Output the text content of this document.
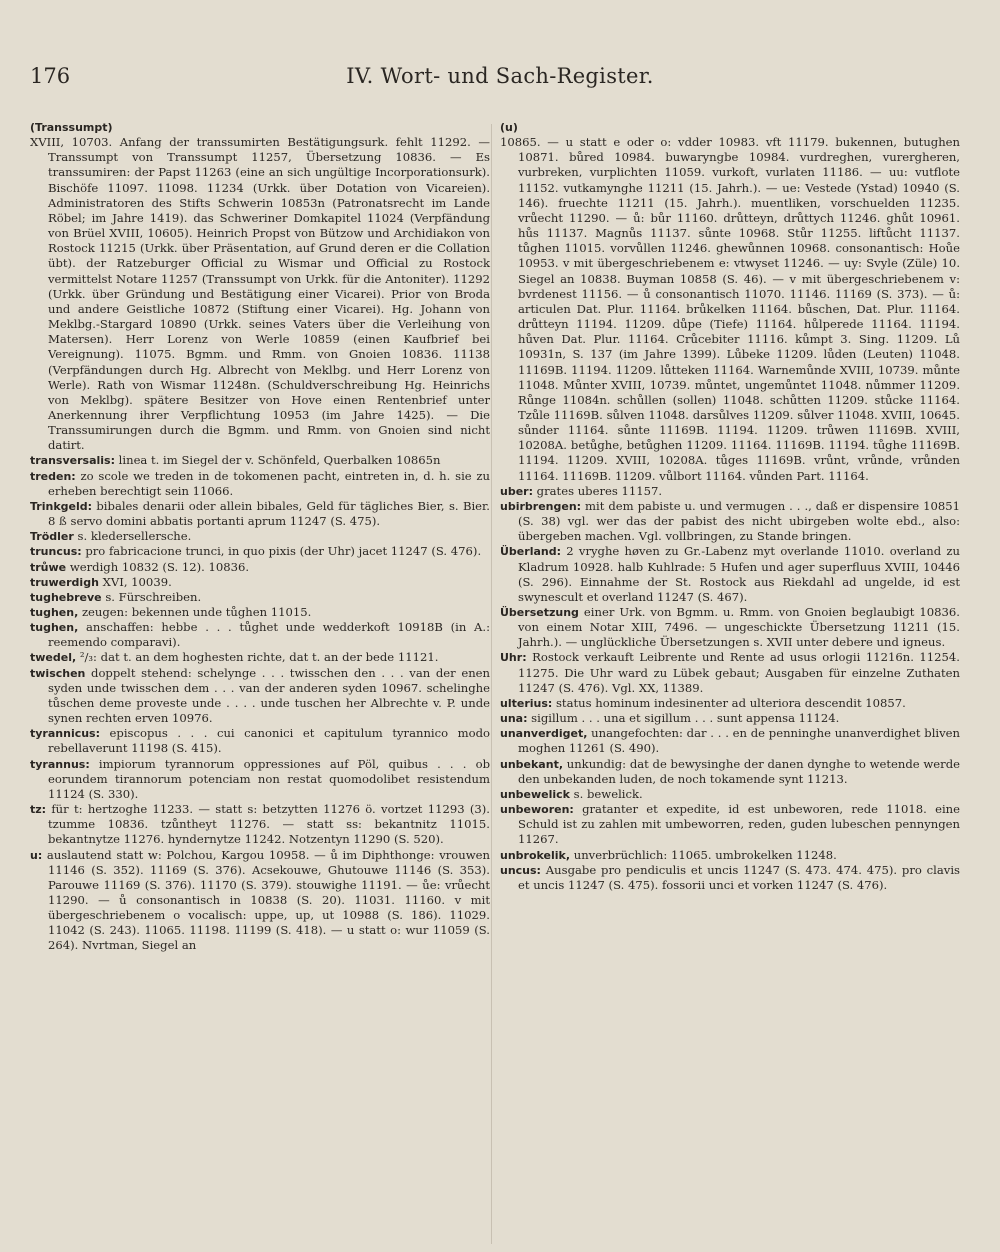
176	IV. Wort- und Sach-Register.

(Transsumpt)

XVIII, 10703. Anfang der transsumirten Bestätigungsurk. fehlt 11292. — Transsumpt von Transsumpt 11257, Übersetzung 10836. — Es transsumiren: der Papst 11263 (eine an sich ungültige Incorporationsurk). Bischöfe 11097. 11098. 11234 (Urkk. über Dotation von Vicareien). Administratoren des Stifts Schwerin 10853n (Patronatsrecht im Lande Röbel; im Jahre 1419). das Schweriner Domkapitel 11024 (Verpfändung von Brüel XVIII, 10605). Heinrich Propst von Bützow und Archidiakon von Rostock 11215 (Urkk. über Präsentation, auf Grund deren er die Collation übt). der Ratzeburger Official zu Wismar und Official zu Rostock vermittelst Notare 11257 (Transsumpt von Urkk. für die Antoniter). 11292 (Urkk. über Gründung und Bestätigung einer Vicarei). Prior von Broda und andere Geistliche 10872 (Stiftung einer Vicarei). Hg. Johann von Meklbg.-Stargard 10890 (Urkk. seines Vaters über die Verleihung von Matersen). Herr Lorenz von Werle 10859 (einen Kaufbrief bei Vereignung). 11075. Bgmm. und Rmm. von Gnoien 10836. 11138 (Verpfändungen durch Hg. Albrecht von Meklbg. und Herr Lorenz von Werle). Rath von Wismar 11248n. (Schuldverschreibung Hg. Heinrichs von Meklbg). spätere Besitzer von Hove einen Rentenbrief unter Anerkennung ihrer Verpflichtung 10953 (im Jahre 1425). — Die Transsumirungen durch die Bgmm. und Rmm. von Gnoien sind nicht datirt.

transversalis: linea t. im Siegel der v. Schönfeld, Querbalken 10865n

treden: zo scole we treden in de tokomenen pacht, eintreten in, d. h. sie zu erheben berechtigt sein 11066.

Trinkgeld: bibales denarii oder allein bibales, Geld für tägliches Bier, s. Bier. 8 ß servo domini abbatis portanti aprum 11247 (S. 475).

Trödler s. kledersellersche.

truncus: pro fabricacione trunci, in quo pixis (der Uhr) jacet 11247 (S. 476).

trůwe werdigh 10832 (S. 12). 10836.

truwerdigh XVI, 10039.

tughebreve s. Fürschreiben.

tughen, zeugen: bekennen unde tůghen 11015.

tughen, anschaffen: hebbe . . . tůghet unde wedderkoft 10918B (in A.: reemendo comparavi).

twedel, ²/₃: dat t. an dem hoghesten richte, dat t. an der bede 11121.

twischen doppelt stehend: schelynge . . . twisschen den . . . van der enen syden unde twisschen dem . . . van der anderen syden 10967. schelinghe tůschen deme proveste unde . . . . unde tuschen her Albrechte v. P. unde synen rechten erven 10976.

tyrannicus: episcopus . . . cui canonici et capitulum tyrannico modo rebellaverunt 11198 (S. 415).

tyrannus: impiorum tyrannorum oppressiones auf Pöl, quibus . . . ob eorundem tirannorum potenciam non restat quomodolibet resistendum 11124 (S. 330).

tz: für t: hertzoghe 11233. — statt s: betzytten 11276 ö. vortzet 11293 (3). tzumme 10836. tzůntheyt 11276. — statt ss: bekantnitz 11015. bekantnytze 11276. hyndernytze 11242. Notzentyn 11290 (S. 520).

u: auslautend statt w: Polchou, Kargou 10958. — ů im Diphthonge: vrouwen 11146 (S. 352). 11169 (S. 376). Acsekouwe, Ghutouwe 11146 (S. 353). Parouwe 11169 (S. 376). 11170 (S. 379). stouwighe 11191. — ůe: vrůecht 11290. — ů consonantisch in 10838 (S. 20). 11031. 11160. v mit übergeschriebenem o vocalisch: uppe, up, ut 10988 (S. 186). 11029. 11042 (S. 243). 11065. 11198. 11199 (S. 418). — u statt o: wur 11059 (S. 264). Nvrtman, Siegel an

(u)

10865. — u statt e oder o: vdder 10983. vft 11179. bukennen, butughen 10871. bůred 10984. buwaryngbe 10984. vurdreghen, vurergheren, vurbreken, vurplichten 11059. vurkoft, vurlaten 11186. — uu: vutflote 11152. vutkamynghe 11211 (15. Jahrh.). — ue: Vestede (Ystad) 10940 (S. 146). fruechte 11211 (15. Jahrh.). muentliken, vorschuelden 11235. vrůecht 11290. — ů: bůr 11160. drůtteyn, drůttych 11246. ghůt 10961. hůs 11137. Magnůs 11137. sůnte 10968. Stůr 11255. liftůcht 11137. tůghen 11015. vorvůllen 11246. ghewůnnen 10968. consonantisch: Hoůe 10953. v mit übergeschriebenem e: vtwyset 11246. — uy: Svyle (Züle) 10. Siegel an 10838. Buyman 10858 (S. 46). — v mit übergeschriebenem v: bvrdenest 11156. — ů consonantisch 11070. 11146. 11169 (S. 373). — ů: articulen Dat. Plur. 11164. brůkelken 11164. bůschen, Dat. Plur. 11164. drůtteyn 11194. 11209. důpe (Tiefe) 11164. hůlperede 11164. 11194. hůven Dat. Plur. 11164. Crůcebiter 11116. kůmpt 3. Sing. 11209. Lů 10931n, S. 137 (im Jahre 1399). Lůbeke 11209. lůden (Leuten) 11048. 11169B. 11194. 11209. lůtteken 11164. Warnemůnde XVIII, 10739. můnte 11048. Můnter XVIII, 10739. můntet, ungemůntet 11048. nůmmer 11209. Růnge 11084n. schůllen (sollen) 11048. schůtten 11209. stůcke 11164. Tzůle 11169B. sůlven 11048. darsůlves 11209. sůlver 11048. XVIII, 10645. sůnder 11164. sůnte 11169B. 11194. 11209. trůwen 11169B. XVIII, 10208A. betůghe, betůghen 11209. 11164. 11169B. 11194. tůghe 11169B. 11194. 11209. XVIII, 10208A. tůges 11169B. vrůnt, vrůnde, vrůnden 11164. 11169B. 11209. vůlbort 11164. vůnden Part. 11164.

uber: grates uberes 11157.

ubirbrengen: mit dem pabiste u. und vermugen . . ., daß er dispensire 10851 (S. 38) vgl. wer das der pabist des nicht ubirgeben wolte ebd., also: übergeben machen. Vgl. vollbringen, zu Stande bringen.

Überland: 2 vryghe høven zu Gr.-Labenz myt overlande 11010. overland zu Kladrum 10928. halb Kuhlrade: 5 Hufen und ager superfluus XVIII, 10446 (S. 296). Einnahme der St. Rostock aus Riekdahl ad ungelde, id est swynescult et overland 11247 (S. 467).

Übersetzung einer Urk. von Bgmm. u. Rmm. von Gnoien beglaubigt 10836. von einem Notar XIII, 7496. — ungeschickte Übersetzung 11211 (15. Jahrh.). — unglückliche Übersetzungen s. XVII unter debere und igneus.

Uhr: Rostock verkauft Leibrente und Rente ad usus orlogii 11216n. 11254. 11275. Die Uhr ward zu Lübek gebaut; Ausgaben für einzelne Zuthaten 11247 (S. 476). Vgl. XX, 11389.

ulterius: status hominum indesinenter ad ulteriora descendit 10857.

una: sigillum . . . una et sigillum . . . sunt appensa 11124.

unanverdiget, unangefochten: dar . . . en de penninghe unanverdighet bliven moghen 11261 (S. 490).

unbekant, unkundig: dat de bewysinghe der danen dynghe to wetende werde den unbekanden luden, de noch tokamende synt 11213.

unbewelick s. bewelick.

unbeworen: gratanter et expedite, id est unbeworen, rede 11018. eine Schuld ist zu zahlen mit umbeworren, reden, guden lubeschen pennyngen 11267.

unbrokelik, unverbrüchlich: 11065. umbrokelken 11248.

uncus: Ausgabe pro pendiculis et uncis 11247 (S. 473. 474. 475). pro clavis et uncis 11247 (S. 475). fossorii unci et vorken 11247 (S. 476).
